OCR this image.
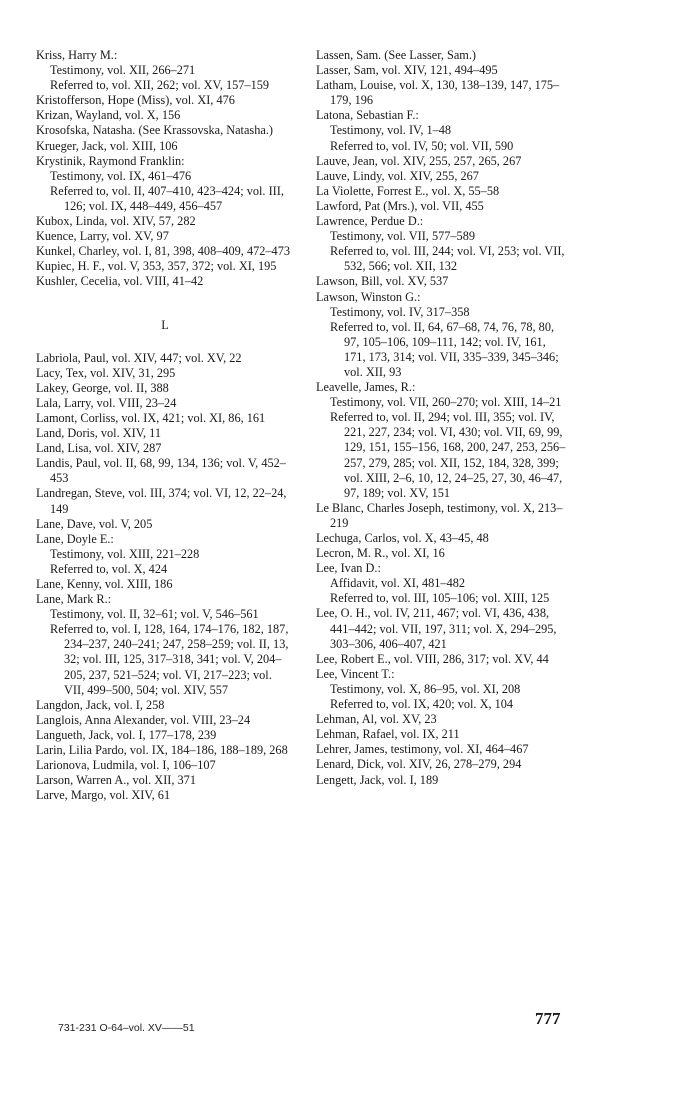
Kriss, Harry M.:
Testimony, vol. XII, 266–271
Referred to, vol. XII, 262; vol. XV, 157–159
Kristofferson, Hope (Miss), vol. XI, 476
Krizan, Wayland, vol. X, 156
Krosofska, Natasha. (See Krassovska, Natasha.)
Krueger, Jack, vol. XIII, 106
Krystinik, Raymond Franklin:
Testimony, vol. IX, 461–476
Referred to, vol. II, 407–410, 423–424; vol. III, 126; vol. IX, 448–449, 456–457
Kubox, Linda, vol. XIV, 57, 282
Kuence, Larry, vol. XV, 97
Kunkel, Charley, vol. I, 81, 398, 408–409, 472–473
Kupiec, H. F., vol. V, 353, 357, 372; vol. XI, 195
Kushler, Cecelia, vol. VIII, 41–42
L
Labriola, Paul, vol. XIV, 447; vol. XV, 22
Lacy, Tex, vol. XIV, 31, 295
Lakey, George, vol. II, 388
Lala, Larry, vol. VIII, 23–24
Lamont, Corliss, vol. IX, 421; vol. XI, 86, 161
Land, Doris, vol. XIV, 11
Land, Lisa, vol. XIV, 287
Landis, Paul, vol. II, 68, 99, 134, 136; vol. V, 452–453
Landregan, Steve, vol. III, 374; vol. VI, 12, 22–24, 149
Lane, Dave, vol. V, 205
Lane, Doyle E.:
Testimony, vol. XIII, 221–228
Referred to, vol. X, 424
Lane, Kenny, vol. XIII, 186
Lane, Mark R.:
Testimony, vol. II, 32–61; vol. V, 546–561
Referred to, vol. I, 128, 164, 174–176, 182, 187, 234–237, 240–241; 247, 258–259; vol. II, 13, 32; vol. III, 125, 317–318, 341; vol. V, 204–205, 237, 521–524; vol. VI, 217–223; vol. VII, 499–500, 504; vol. XIV, 557
Langdon, Jack, vol. I, 258
Langlois, Anna Alexander, vol. VIII, 23–24
Langueth, Jack, vol. I, 177–178, 239
Larin, Lilia Pardo, vol. IX, 184–186, 188–189, 268
Larionova, Ludmila, vol. I, 106–107
Larson, Warren A., vol. XII, 371
Larve, Margo, vol. XIV, 61
Lassen, Sam. (See Lasser, Sam.)
Lasser, Sam, vol. XIV, 121, 494–495
Latham, Louise, vol. X, 130, 138–139, 147, 175–179, 196
Latona, Sebastian F.:
Testimony, vol. IV, 1–48
Referred to, vol. IV, 50; vol. VII, 590
Lauve, Jean, vol. XIV, 255, 257, 265, 267
Lauve, Lindy, vol. XIV, 255, 267
La Violette, Forrest E., vol. X, 55–58
Lawford, Pat (Mrs.), vol. VII, 455
Lawrence, Perdue D.:
Testimony, vol. VII, 577–589
Referred to, vol. III, 244; vol. VI, 253; vol. VII, 532, 566; vol. XII, 132
Lawson, Bill, vol. XV, 537
Lawson, Winston G.:
Testimony, vol. IV, 317–358
Referred to, vol. II, 64, 67–68, 74, 76, 78, 80, 97, 105–106, 109–111, 142; vol. IV, 161, 171, 173, 314; vol. VII, 335–339, 345–346; vol. XII, 93
Leavelle, James, R.:
Testimony, vol. VII, 260–270; vol. XIII, 14–21
Referred to, vol. II, 294; vol. III, 355; vol. IV, 221, 227, 234; vol. VI, 430; vol. VII, 69, 99, 129, 151, 155–156, 168, 200, 247, 253, 256–257, 279, 285; vol. XII, 152, 184, 328, 399; vol. XIII, 2–6, 10, 12, 24–25, 27, 30, 46–47, 97, 189; vol. XV, 151
Le Blanc, Charles Joseph, testimony, vol. X, 213–219
Lechuga, Carlos, vol. X, 43–45, 48
Lecron, M. R., vol. XI, 16
Lee, Ivan D.:
Affidavit, vol. XI, 481–482
Referred to, vol. III, 105–106; vol. XIII, 125
Lee, O. H., vol. IV, 211, 467; vol. VI, 436, 438, 441–442; vol. VII, 197, 311; vol. X, 294–295, 303–306, 406–407, 421
Lee, Robert E., vol. VIII, 286, 317; vol. XV, 44
Lee, Vincent T.:
Testimony, vol. X, 86–95, vol. XI, 208
Referred to, vol. IX, 420; vol. X, 104
Lehman, Al, vol. XV, 23
Lehman, Rafael, vol. IX, 211
Lehrer, James, testimony, vol. XI, 464–467
Lenard, Dick, vol. XIV, 26, 278–279, 294
Lengett, Jack, vol. I, 189
731-231 O-64–vol. XV——51	777
